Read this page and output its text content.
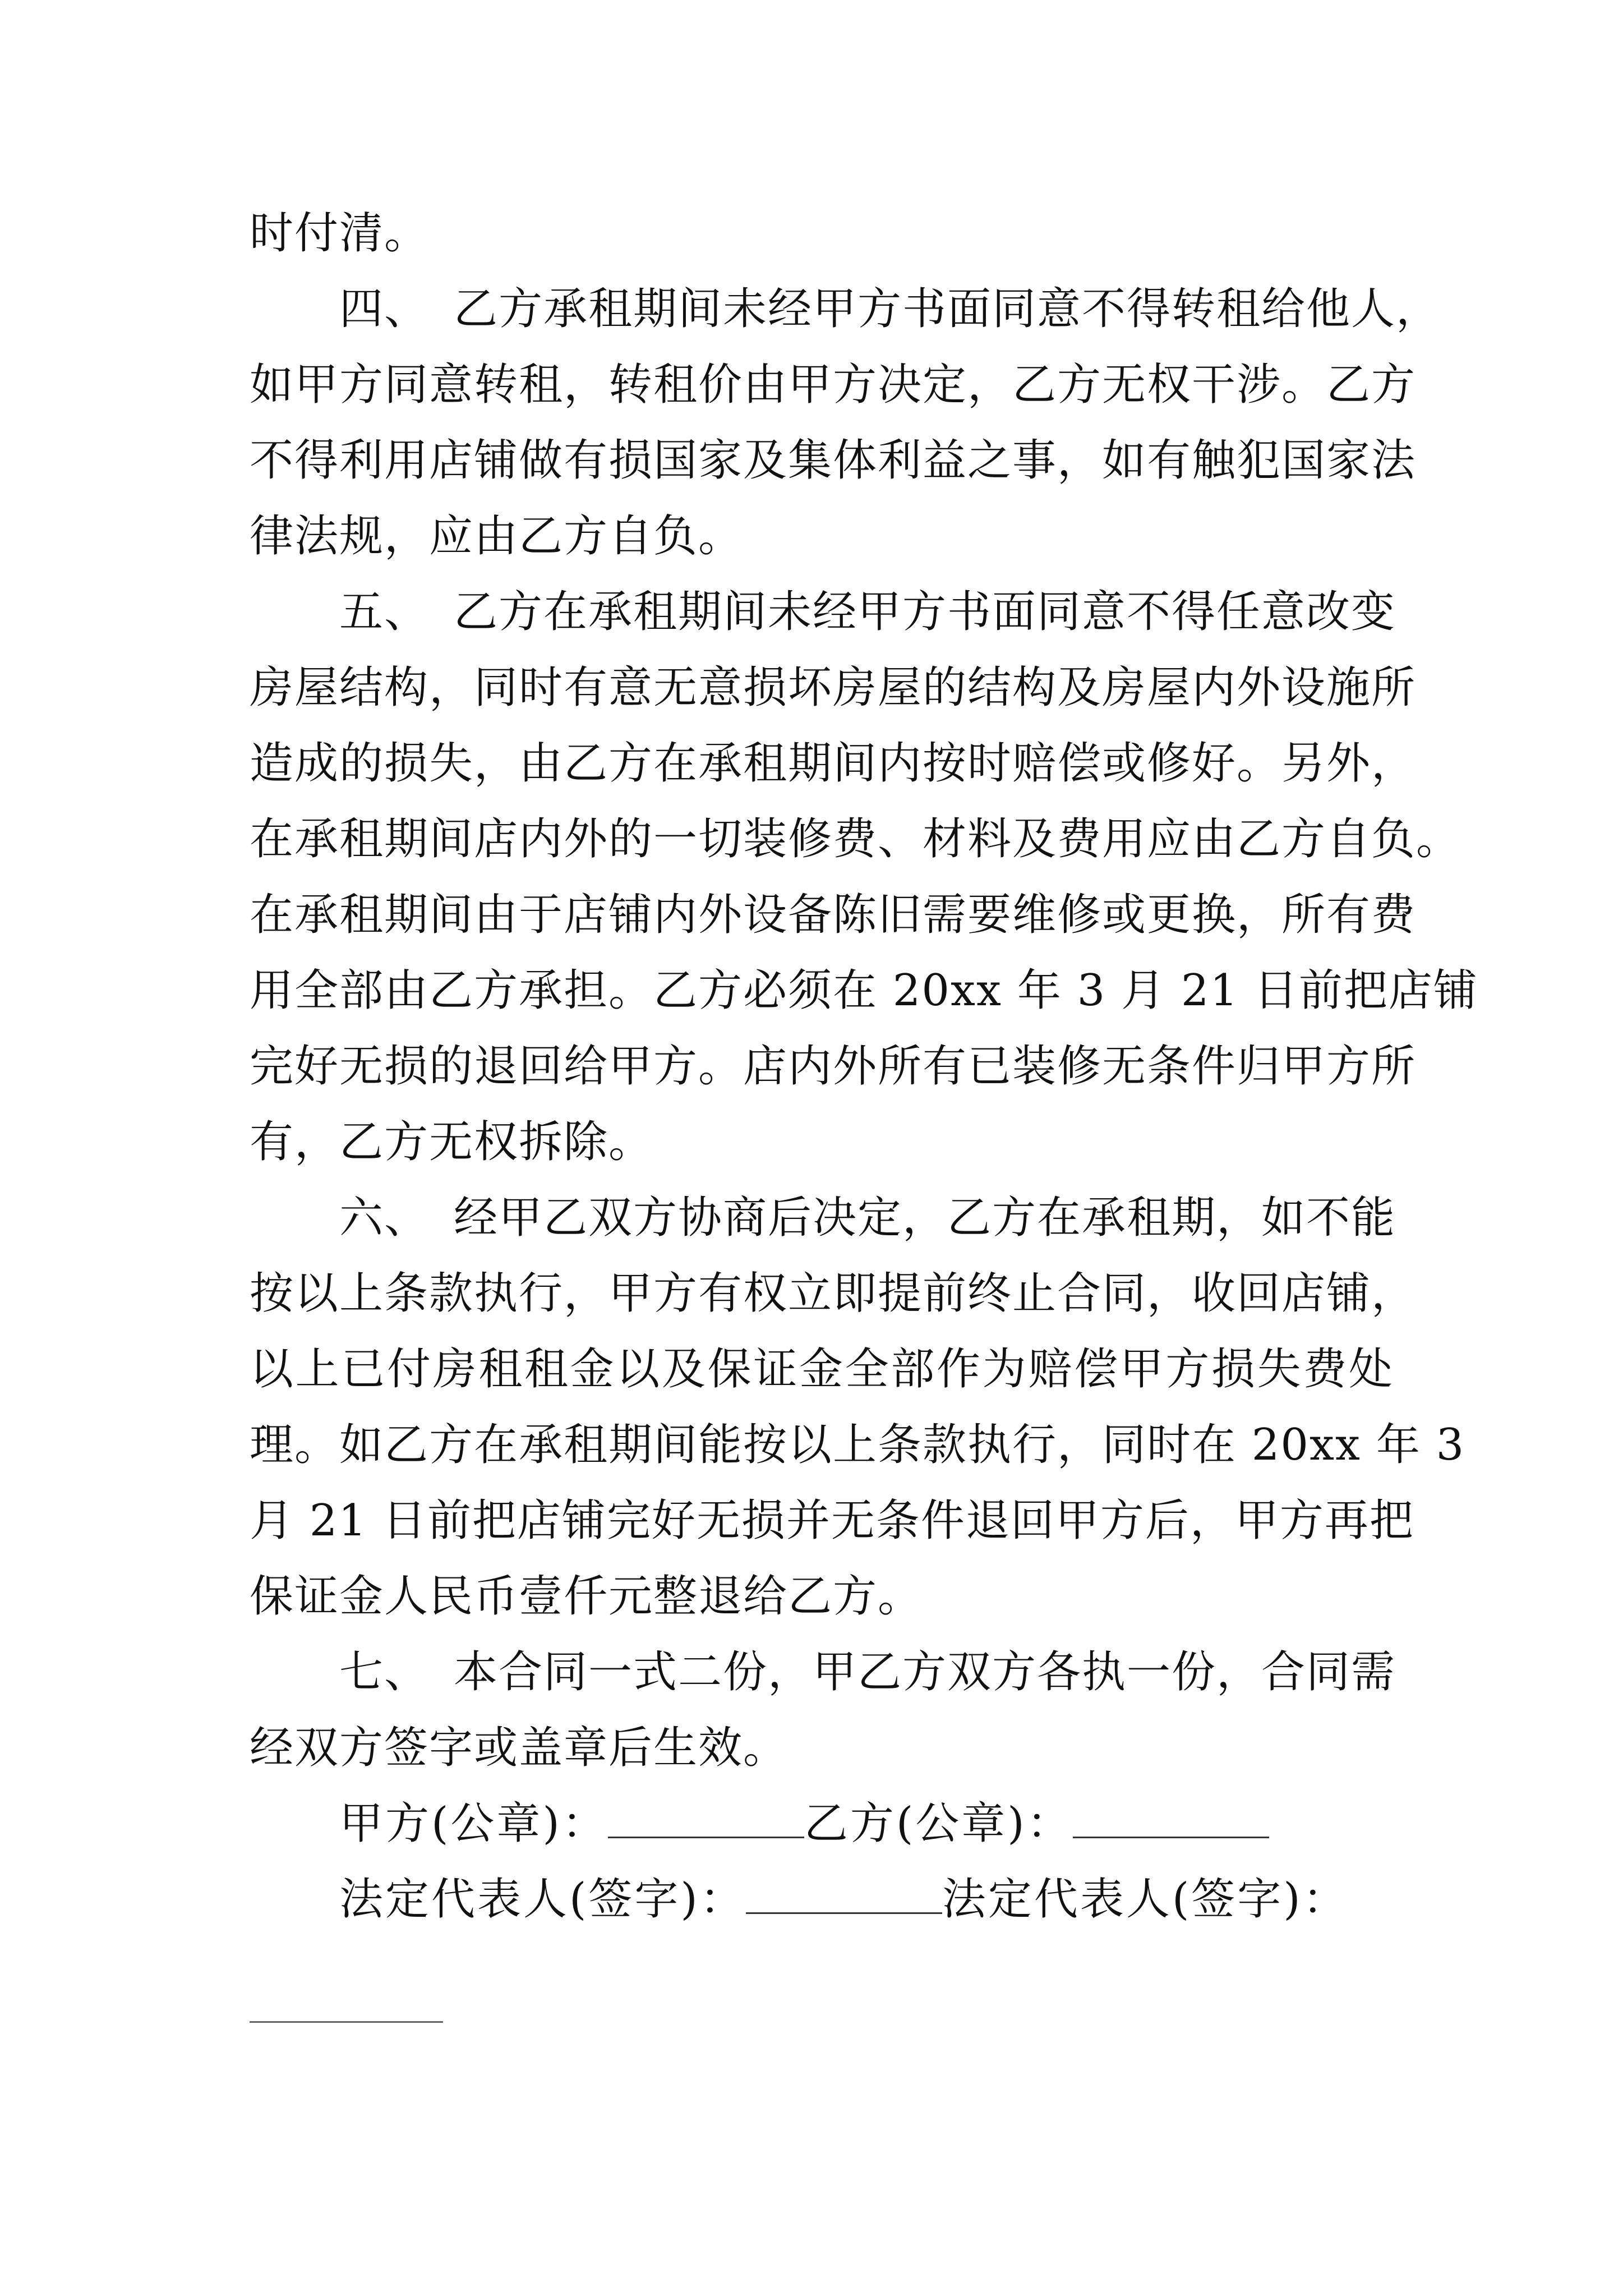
时付清。
四、 乙方承租期间未经甲方书面同意不得转租给他人，
如甲方同意转租，转租价由甲方决定，乙方无权干涉。乙方
不得利用店铺做有损国家及集体利益之事，如有触犯国家法
律法规，应由乙方自负。
五、 乙方在承租期间未经甲方书面同意不得任意改变
房屋结构，同时有意无意损坏房屋的结构及房屋内外设施所
造成的损失，由乙方在承租期间内按时赔偿或修好。另外，
在承租期间店内外的一切装修费、材料及费用应由乙方自负。
在承租期间由于店铺内外设备陈旧需要维修或更换，所有费
用全部由乙方承担。乙方必须在 20xx 年 3 月 21 日前把店铺
完好无损的退回给甲方。店内外所有已装修无条件归甲方所
有，乙方无权拆除。
六、 经甲乙双方协商后决定，乙方在承租期，如不能
按以上条款执行，甲方有权立即提前终止合同，收回店铺，
以上已付房租租金以及保证金全部作为赔偿甲方损失费处
理。如乙方在承租期间能按以上条款执行，同时在 20xx 年 3
月 21 日前把店铺完好无损并无条件退回甲方后，甲方再把
保证金人民币壹仟元整退给乙方。
七、 本合同一式二份，甲乙方双方各执一份，合同需
经双方签字或盖章后生效。
甲方(公章)：	乙方(公章)：
法定代表人(签字)：	法定代表人(签字)：
